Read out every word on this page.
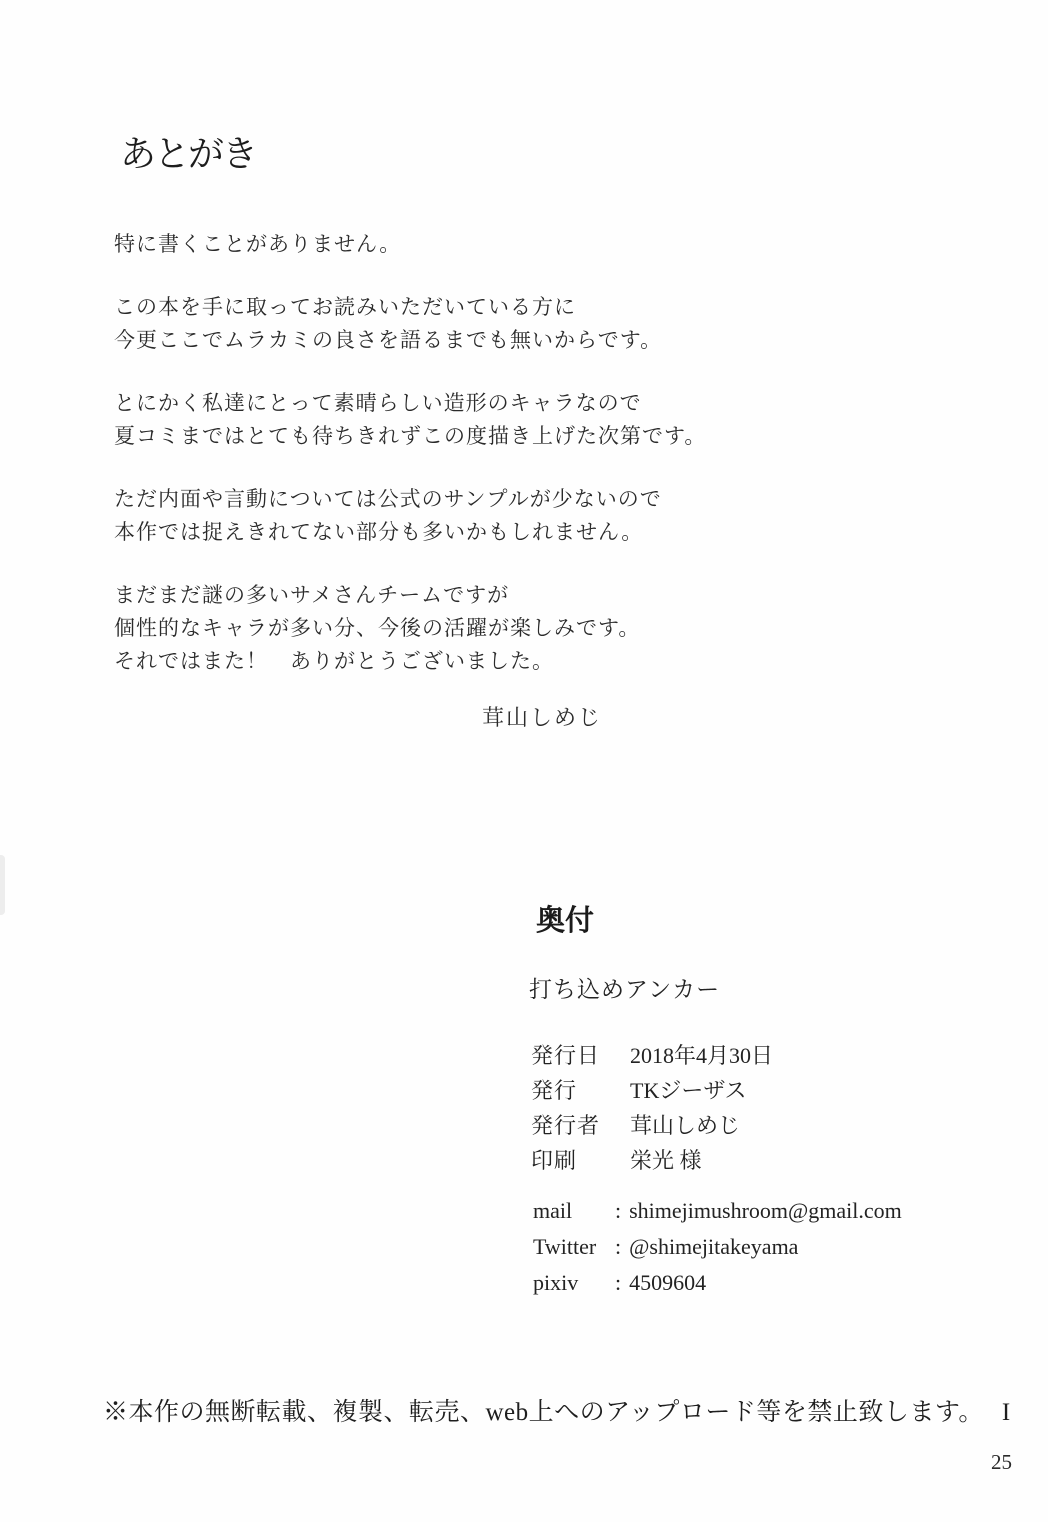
あとがき

特に書くことがありません。

この本を手に取ってお読みいただいている方に
今更ここでムラカミの良さを語るまでも無いからです。

とにかく私達にとって素晴らしい造形のキャラなので
夏コミまではとても待ちきれずこの度描き上げた次第です。

ただ内面や言動については公式のサンプルが少ないので
本作では捉えきれてない部分も多いかもしれません。

まだまだ謎の多いサメさんチームですが
個性的なキャラが多い分、今後の活躍が楽しみです。
それではまた！　ありがとうございました。

茸山しめじ
奥付
打ち込めアンカー
発行日 2018年4月30日
発行 TKジーザス
発行者 茸山しめじ
印刷 栄光 様
mail : shimejimushroom@gmail.com
Twitter : @shimejitakeyama
pixiv : 4509604
※本作の無断転載、複製、転売、web上へのアップロード等を禁止致します。 I
25
